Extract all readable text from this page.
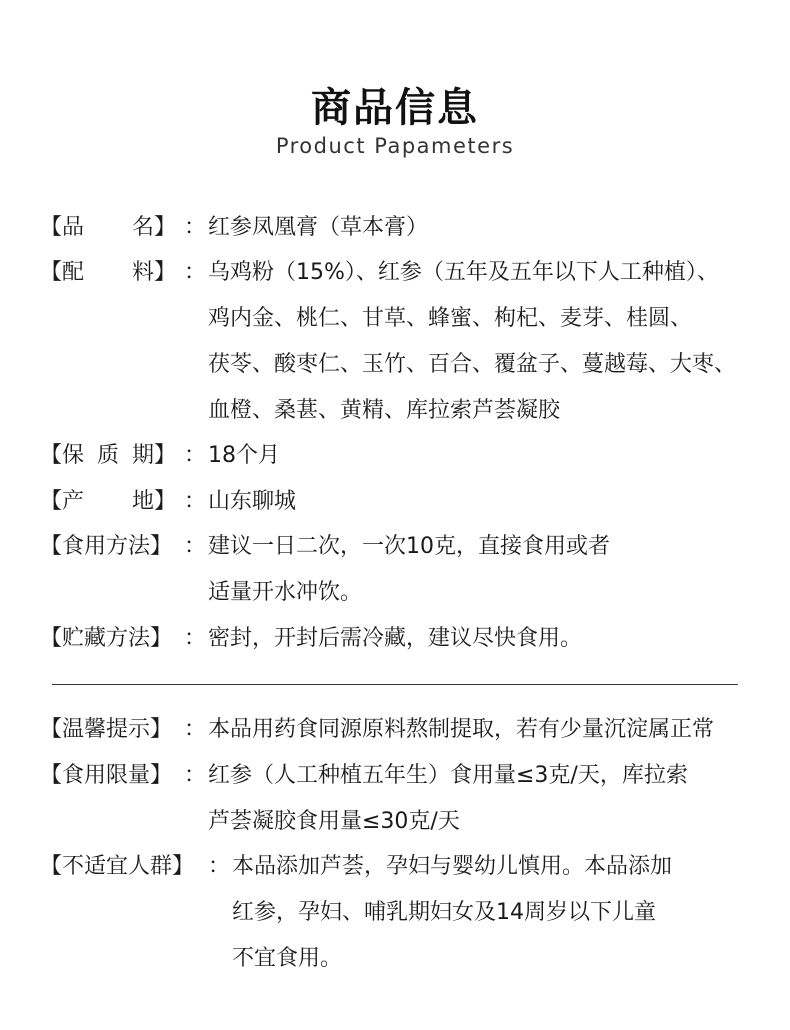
商品信息
Product Papameters
【品 名】 ： 红参凤凰膏（草本膏）
【配 料】 ： 乌鸡粉（15%）、红参（五年及五年以下人工种植）、
鸡内金、桃仁、甘草、蜂蜜、枸杞、麦芽、桂圆、
茯苓、酸枣仁、玉竹、百合、覆盆子、蔓越莓、大枣、
血橙、桑葚、黄精、库拉索芦荟凝胶
【保 质 期】 ： 18个月
【产 地】 ： 山东聊城
【食用方法】 ： 建议一日二次，一次10克，直接食用或者
适量开水冲饮。
【贮藏方法】 ： 密封，开封后需冷藏，建议尽快食用。
【温馨提示】 ： 本品用药食同源原料熬制提取，若有少量沉淀属正常
【食用限量】 ： 红参（人工种植五年生）食用量≤3克/天，库拉索
芦荟凝胶食用量≤30克/天
【不适宜人群】 ： 本品添加芦荟，孕妇与婴幼儿慎用。本品添加
红参，孕妇、哺乳期妇女及14周岁以下儿童
不宜食用。
